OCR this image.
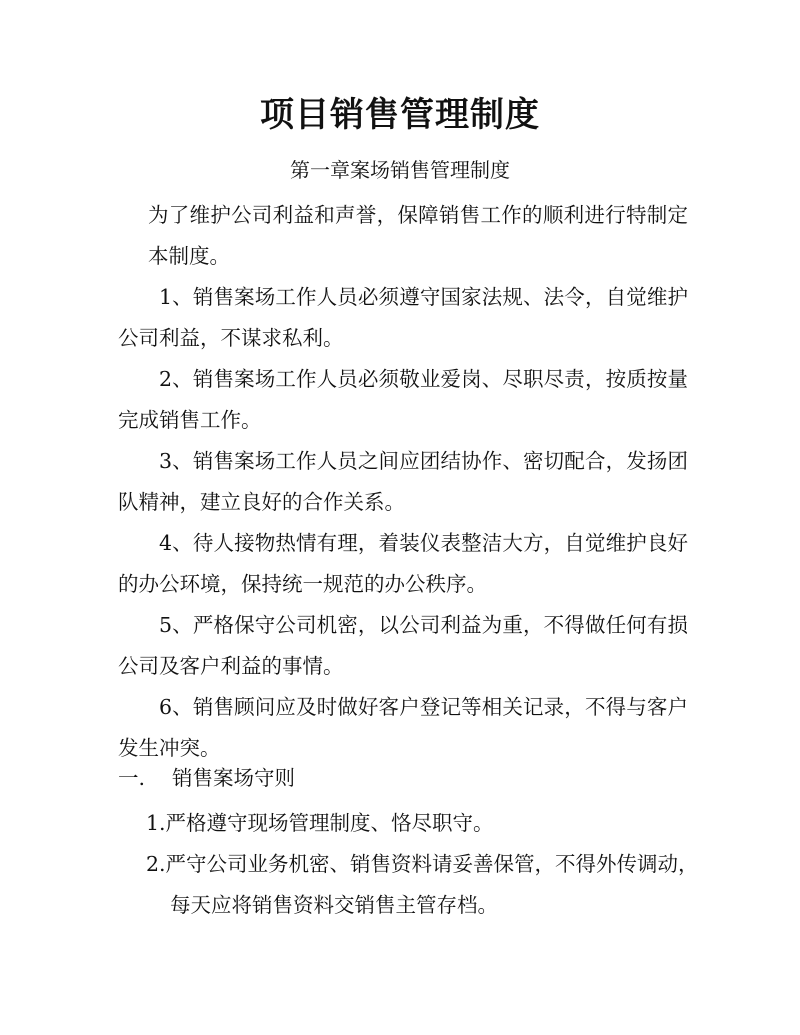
项目销售管理制度
第一章案场销售管理制度

为了维护公司利益和声誉，保障销售工作的顺利进行特制定本制度。

1、销售案场工作人员必须遵守国家法规、法令，自觉维护公司利益，不谋求私利。

2、销售案场工作人员必须敬业爱岗、尽职尽责，按质按量完成销售工作。

3、销售案场工作人员之间应团结协作、密切配合，发扬团队精神，建立良好的合作关系。

4、待人接物热情有理，着装仪表整洁大方，自觉维护良好的办公环境，保持统一规范的办公秩序。

5、严格保守公司机密，以公司利益为重，不得做任何有损公司及客户利益的事情。

6、销售顾问应及时做好客户登记等相关记录，不得与客户发生冲突。

一. 销售案场守则

1.严格遵守现场管理制度、恪尽职守。

2.严守公司业务机密、销售资料请妥善保管，不得外传调动，每天应将销售资料交销售主管存档。
